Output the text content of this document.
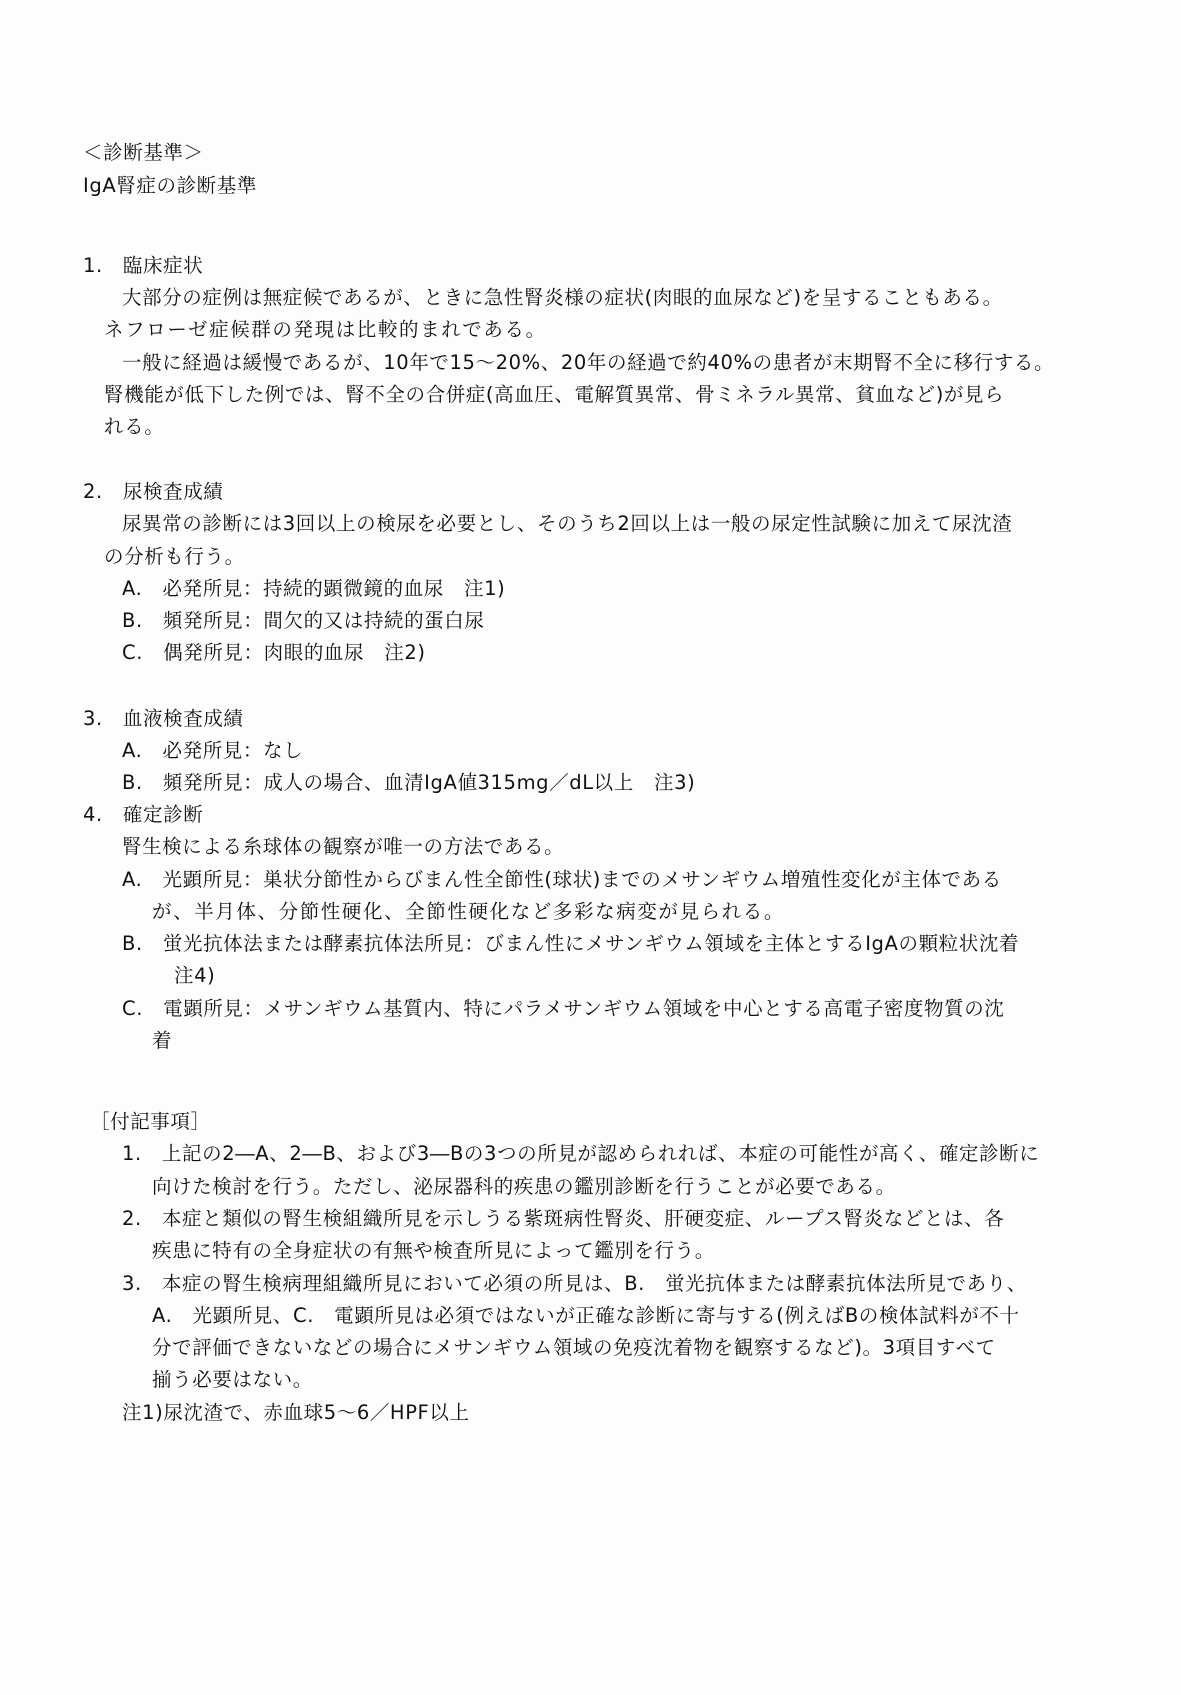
＜診断基準＞
IgA腎症の診断基準
1.　臨床症状
大部分の症例は無症候であるが、ときに急性腎炎様の症状(肉眼的血尿など)を呈することもある。
ネフローゼ症候群の発現は比較的まれである。
一般に経過は緩慢であるが、10年で15～20%、20年の経過で約40%の患者が末期腎不全に移行する。
腎機能が低下した例では、腎不全の合併症(高血圧、電解質異常、骨ミネラル異常、貧血など)が見ら
れる。
2.　尿検査成績
尿異常の診断には3回以上の検尿を必要とし、そのうち2回以上は一般の尿定性試験に加えて尿沈渣
の分析も行う。
A.　必発所見：持続的顕微鏡的血尿　注1)
B.　頻発所見：間欠的又は持続的蛋白尿
C.　偶発所見：肉眼的血尿　注2)
3.　血液検査成績
A.　必発所見：なし
B.　頻発所見：成人の場合、血清IgA値315mg／dL以上　注3)
4.　確定診断
腎生検による糸球体の観察が唯一の方法である。
A.　光顕所見：巣状分節性からびまん性全節性(球状)までのメサンギウム増殖性変化が主体である
が、半月体、分節性硬化、全節性硬化など多彩な病変が見られる。
B.　蛍光抗体法または酵素抗体法所見：びまん性にメサンギウム領域を主体とするIgAの顆粒状沈着
注4)
C.　電顕所見：メサンギウム基質内、特にパラメサンギウム領域を中心とする高電子密度物質の沈
着
［付記事項］
1.　上記の2―A、2―B、および3―Bの3つの所見が認められれば、本症の可能性が高く、確定診断に
向けた検討を行う。ただし、泌尿器科的疾患の鑑別診断を行うことが必要である。
2.　本症と類似の腎生検組織所見を示しうる紫斑病性腎炎、肝硬変症、ループス腎炎などとは、各
疾患に特有の全身症状の有無や検査所見によって鑑別を行う。
3.　本症の腎生検病理組織所見において必須の所見は、B.　蛍光抗体または酵素抗体法所見であり、
A.　光顕所見、C.　電顕所見は必須ではないが正確な診断に寄与する(例えばBの検体試料が不十
分で評価できないなどの場合にメサンギウム領域の免疫沈着物を観察するなど)。3項目すべて
揃う必要はない。
注1)尿沈渣で、赤血球5～6／HPF以上
